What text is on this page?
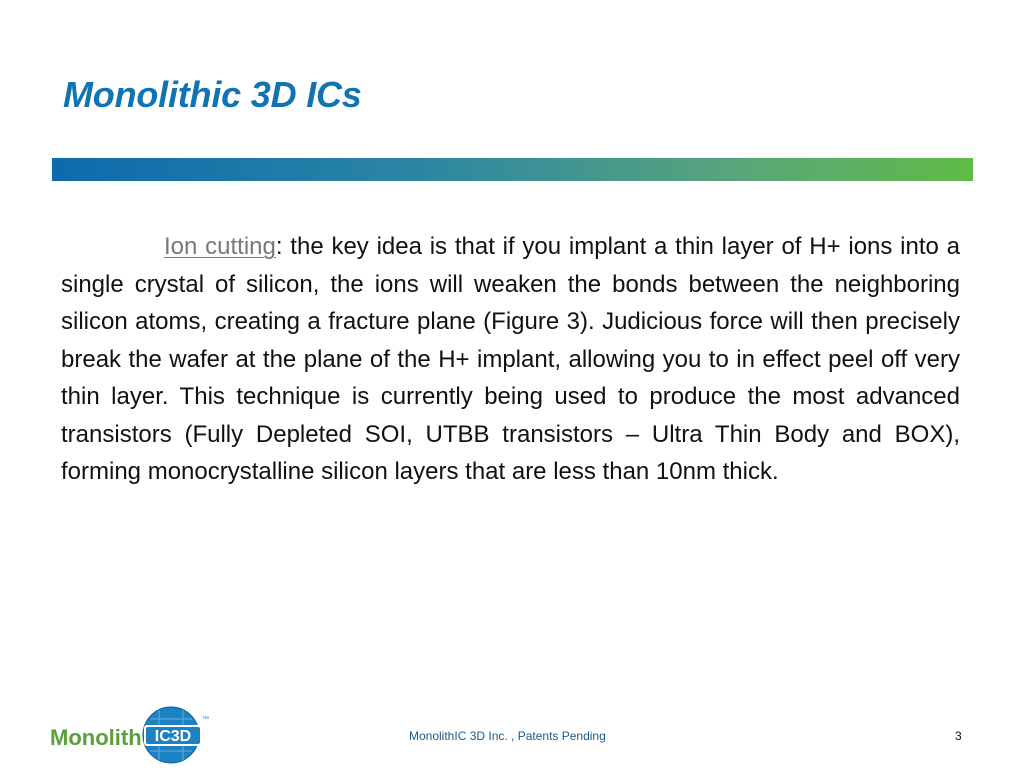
Monolithic 3D ICs

Ion cutting: the key idea is that if you implant a thin layer of H+ ions into a single crystal of silicon, the ions will weaken the bonds between the neighboring silicon atoms, creating a fracture plane (Figure 3). Judicious force will then precisely break the wafer at the plane of the H+ implant, allowing you to in effect peel off very thin layer. This technique is currently being used to produce the most advanced transistors (Fully Depleted SOI, UTBB transistors – Ultra Thin Body and BOX), forming monocrystalline silicon layers that are less than 10nm thick.

Monolith IC3D
™
MonolithIC 3D Inc. , Patents Pending	3
